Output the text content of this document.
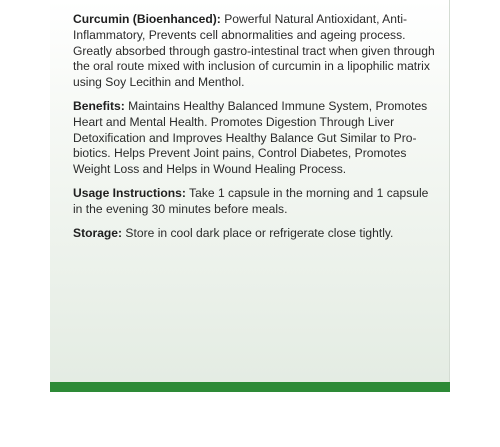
Curcumin (Bioenhanced): Powerful Natural Antioxidant, Anti-Inflammatory, Prevents cell abnormalities and ageing process. Greatly absorbed through gastro-intestinal tract when given through the oral route mixed with inclusion of curcumin in a lipophilic matrix using Soy Lecithin and Menthol.

Benefits: Maintains Healthy Balanced Immune System, Promotes Heart and Mental Health. Promotes Digestion Through Liver Detoxification and Improves Healthy Balance Gut Similar to Pro-biotics. Helps Prevent Joint pains, Control Diabetes, Promotes Weight Loss and Helps in Wound Healing Process.

Usage Instructions: Take 1 capsule in the morning and 1 capsule in the evening 30 minutes before meals.

Storage: Store in cool dark place or refrigerate close tightly.
